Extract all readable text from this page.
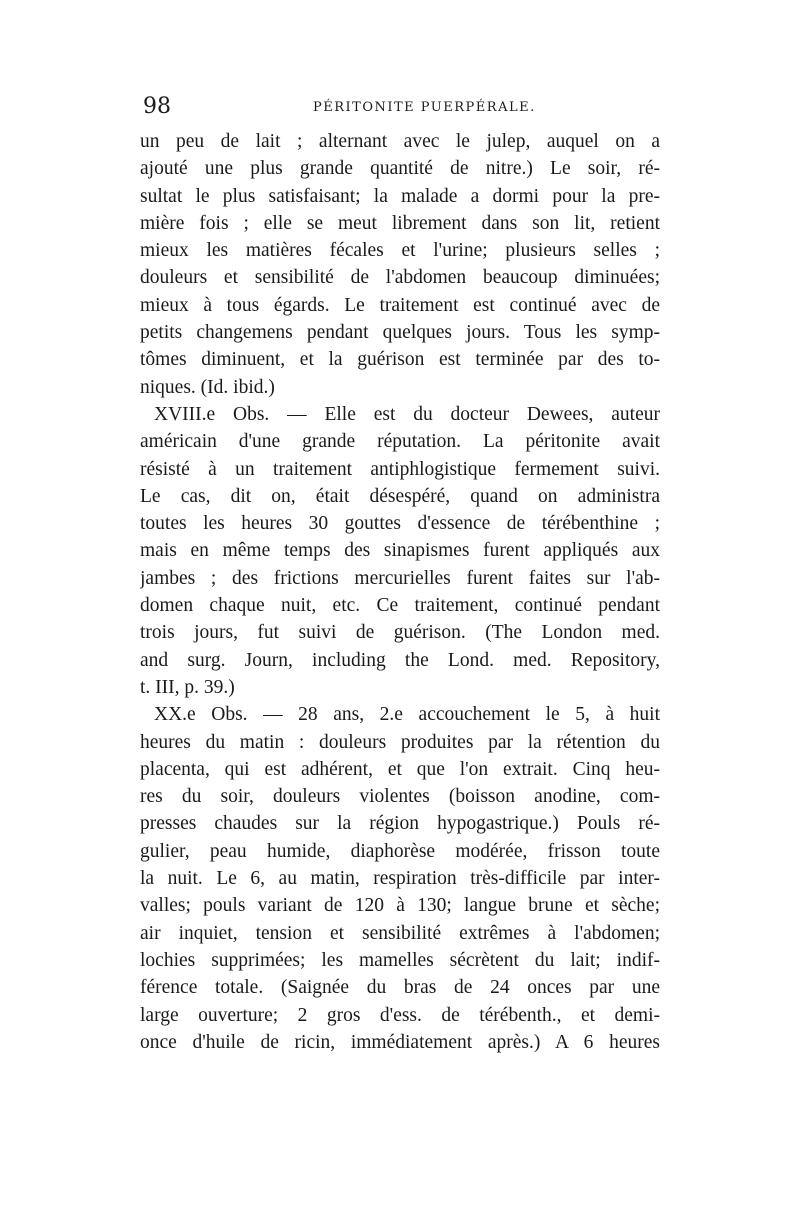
98	PÉRITONITE PUERPÉRALE.
un peu de lait ; alternant avec le julep, auquel on a
ajouté une plus grande quantité de nitre.) Le soir, ré-
sultat le plus satisfaisant; la malade a dormi pour la pre-
mière fois ; elle se meut librement dans son lit, retient
mieux les matières fécales et l'urine; plusieurs selles ;
douleurs et sensibilité de l'abdomen beaucoup diminuées;
mieux à tous égards. Le traitement est continué avec de
petits changemens pendant quelques jours. Tous les symp-
tômes diminuent, et la guérison est terminée par des to-
niques. (Id. ibid.)
XVIII.e Obs. — Elle est du docteur Dewees, auteur
américain d'une grande réputation. La péritonite avait
résisté à un traitement antiphlogistique fermement suivi.
Le cas, dit on, était désespéré, quand on administra
toutes les heures 30 gouttes d'essence de térébenthine ;
mais en même temps des sinapismes furent appliqués aux
jambes ; des frictions mercurielles furent faites sur l'ab-
domen chaque nuit, etc. Ce traitement, continué pendant
trois jours, fut suivi de guérison. (The London med.
and surg. Journ, including the Lond. med. Repository,
t. III, p. 39.)
XX.e Obs. — 28 ans, 2.e accouchement le 5, à huit
heures du matin : douleurs produites par la rétention du
placenta, qui est adhérent, et que l'on extrait. Cinq heu-
res du soir, douleurs violentes (boisson anodine, com-
presses chaudes sur la région hypogastrique.) Pouls ré-
gulier, peau humide, diaphorèse modérée, frisson toute
la nuit. Le 6, au matin, respiration très-difficile par inter-
valles; pouls variant de 120 à 130; langue brune et sèche;
air inquiet, tension et sensibilité extrêmes à l'abdomen;
lochies supprimées; les mamelles sécrètent du lait; indif-
férence totale. (Saignée du bras de 24 onces par une
large ouverture; 2 gros d'ess. de térébenth., et demi-
once d'huile de ricin, immédiatement après.) A 6 heures
